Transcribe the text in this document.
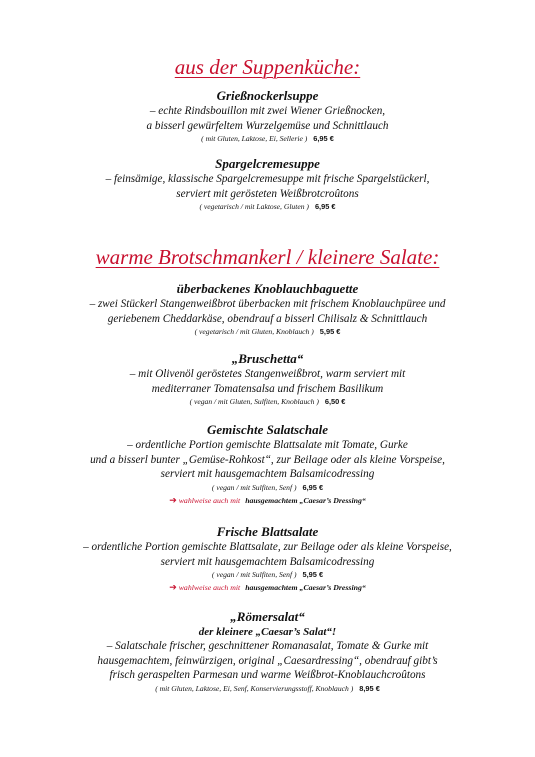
aus der Suppenküche:
Grießnockerlsuppe
– echte Rindsbouillon mit zwei Wiener Grießnocken,
a bisserl gewürfeltem Wurzelgemüse und Schnittlauch
( mit Gluten, Laktose, Ei, Sellerie ) 6,95 €
Spargelcremesuppe
– feinsämige, klassische Spargelcremesuppe mit frische Spargelstückerl,
serviert mit gerösteten Weißbrotcroûtons
( vegetarisch / mit Laktose, Gluten ) 6,95 €
warme Brotschmankerl / kleinere Salate:
überbackenes Knoblauchbaguette
– zwei Stückerl Stangenweißbrot überbacken mit frischem Knoblauchpüree und
geriebenem Cheddarkäse, obendrauf a bisserl Chilisalz & Schnittlauch
( vegetarisch / mit Gluten, Knoblauch ) 5,95 €
„Bruschetta“
– mit Olivenöl geröstetes Stangenweißbrot, warm serviert mit
mediterraner Tomatensalsa und frischem Basilikum
( vegan / mit Gluten, Sulfiten, Knoblauch ) 6,50 €
Gemischte Salatschale
– ordentliche Portion gemischte Blattsalate mit Tomate, Gurke
und a bisserl bunter „Gemüse-Rohkost“, zur Beilage oder als kleine Vorspeise,
serviert mit hausgemachtem Balsamicodressing
( vegan / mit Sulfiten, Senf ) 6,95 €
➔ wahlweise auch mit hausgemachtem „Caesar’s Dressing“
Frische Blattsalate
– ordentliche Portion gemischte Blattsalate, zur Beilage oder als kleine Vorspeise,
serviert mit hausgemachtem Balsamicodressing
( vegan / mit Sulfiten, Senf ) 5,95 €
➔ wahlweise auch mit hausgemachtem „Caesar’s Dressing“
„Römersalat“
der kleinere „Caesar’s Salat“!
– Salatschale frischer, geschnittener Romanasalat, Tomate & Gurke mit
hausgemachtem, feinwürzigen, original „Caesardressing“, obendrauf gibt’s
frisch geraspelten Parmesan und warme Weißbrot-Knoblauchcroûtons
( mit Gluten, Laktose, Ei, Senf, Konservierungsstoff, Knoblauch ) 8,95 €
